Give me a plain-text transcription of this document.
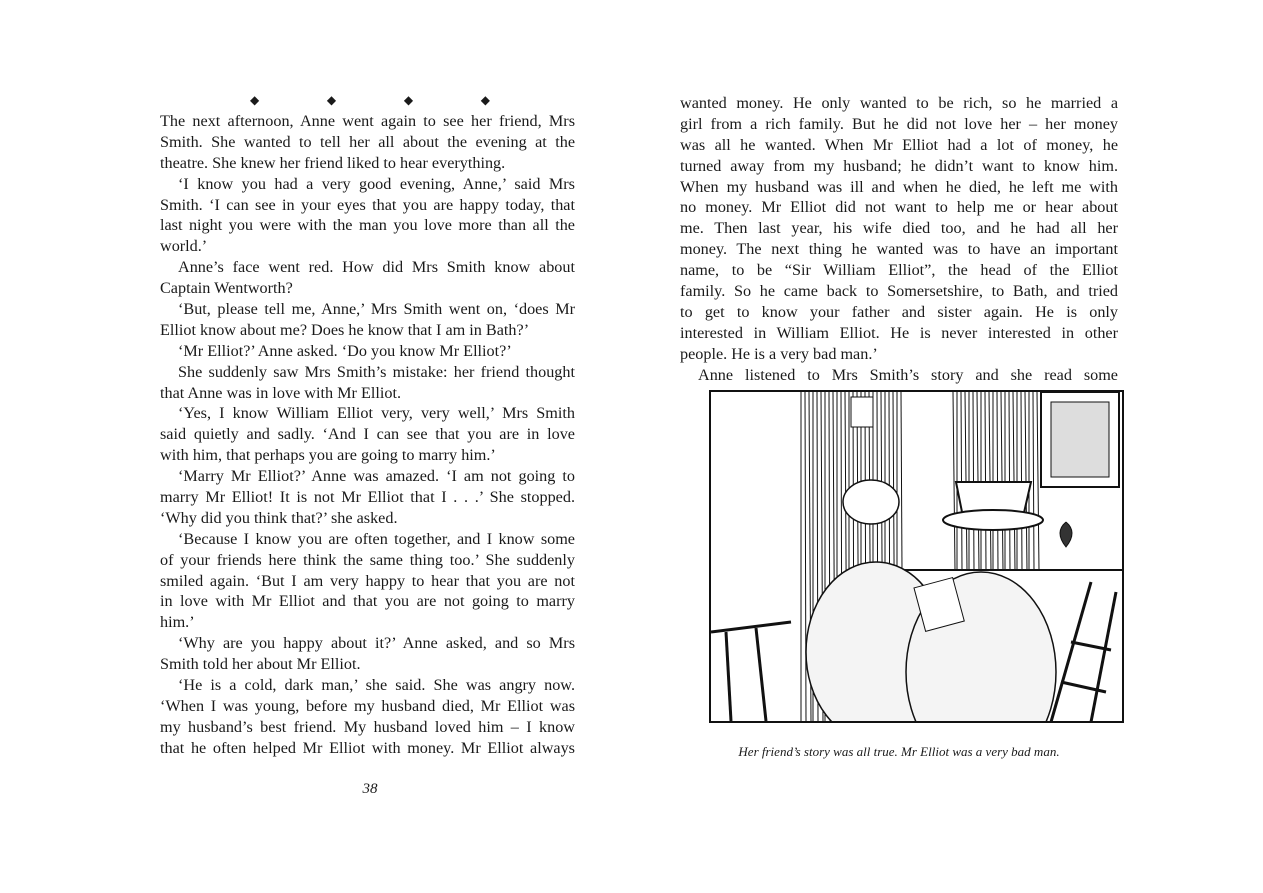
◆	◆	◆	◆
The next afternoon, Anne went again to see her friend, Mrs
Smith. She wanted to tell her all about the evening at the
theatre. She knew her friend liked to hear everything.
‘I know you had a very good evening, Anne,’ said Mrs
Smith. ‘I can see in your eyes that you are happy today, that
last night you were with the man you love more than all the
world.’
Anne’s face went red. How did Mrs Smith know about
Captain Wentworth?
‘But, please tell me, Anne,’ Mrs Smith went on, ‘does Mr
Elliot know about me? Does he know that I am in Bath?’
‘Mr Elliot?’ Anne asked. ‘Do you know Mr Elliot?’
She suddenly saw Mrs Smith’s mistake: her friend thought
that Anne was in love with Mr Elliot.
‘Yes, I know William Elliot very, very well,’ Mrs Smith
said quietly and sadly. ‘And I can see that you are in love
with him, that perhaps you are going to marry him.’
‘Marry Mr Elliot?’ Anne was amazed. ‘I am not going to
marry Mr Elliot! It is not Mr Elliot that I . . .’ She stopped.
‘Why did you think that?’ she asked.
‘Because I know you are often together, and I know some
of your friends here think the same thing too.’ She suddenly
smiled again. ‘But I am very happy to hear that you are not
in love with Mr Elliot and that you are not going to marry
him.’
‘Why are you happy about it?’ Anne asked, and so Mrs
Smith told her about Mr Elliot.
‘He is a cold, dark man,’ she said. She was angry now.
‘When I was young, before my husband died, Mr Elliot was
my husband’s best friend. My husband loved him – I know
that he often helped Mr Elliot with money. Mr Elliot always
wanted money. He only wanted to be rich, so he married a
girl from a rich family. But he did not love her – her money
was all he wanted. When Mr Elliot had a lot of money, he
turned away from my husband; he didn’t want to know him.
When my husband was ill and when he died, he left me with
no money. Mr Elliot did not want to help me or hear about
me. Then last year, his wife died too, and he had all her
money. The next thing he wanted was to have an important
name, to be “Sir William Elliot”, the head of the Elliot
family. So he came back to Somersetshire, to Bath, and tried
to get to know your father and sister again. He is only
interested in William Elliot. He is never interested in other
people. He is a very bad man.’
Anne listened to Mrs Smith’s story and she read some
Her friend’s story was all true. Mr Elliot was a very bad man.
38
